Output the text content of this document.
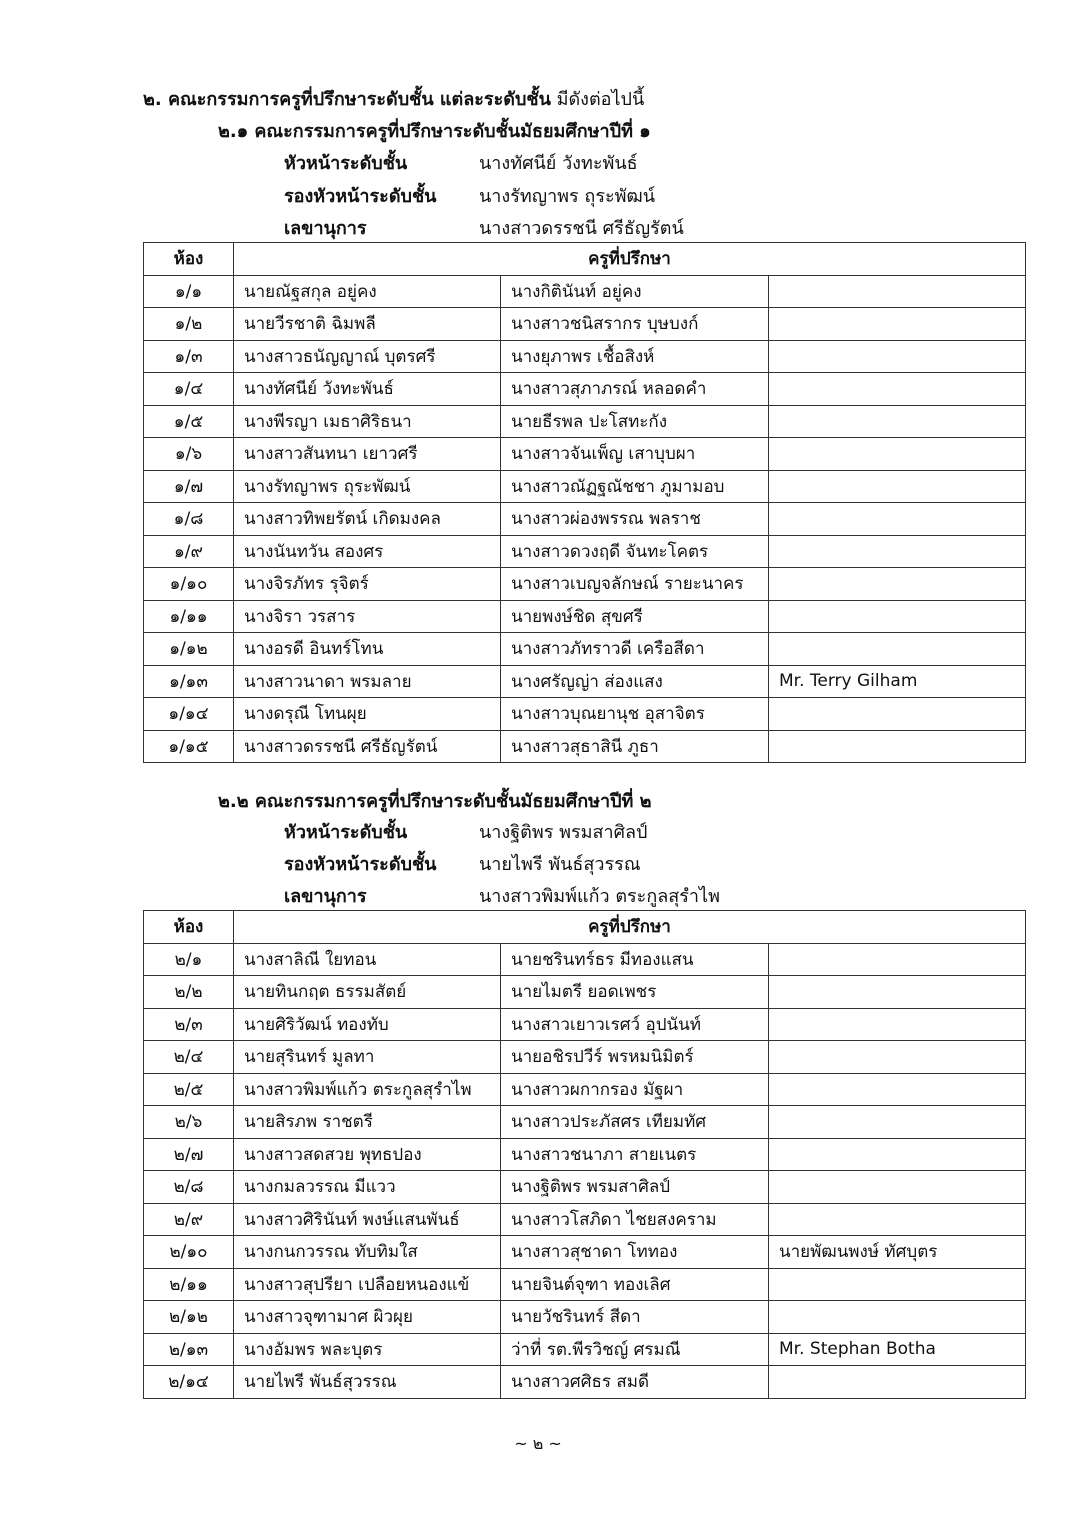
๒. คณะกรรมการครูที่ปรึกษาระดับชั้น แต่ละระดับชั้น มีดังต่อไปนี้
๒.๑ คณะกรรมการครูที่ปรึกษาระดับชั้นมัธยมศึกษาปีที่ ๑
หัวหน้าระดับชั้น	นางทัศนีย์ วังทะพันธ์
รองหัวหน้าระดับชั้น นางรัทญาพร ถุระพัฒน์
เลขานุการ	นางสาวดรรชนี ศรีธัญรัตน์
ห้อง	ครูที่ปรึกษา		
๑/๑	นายณัฐสกุล อยู่คง	นางกิตินันท์ อยู่คง	
๑/๒	นายวีรชาติ ฉิมพลี	นางสาวชนิสรากร บุษบงก์	
๑/๓	นางสาวธนัญญาณ์ บุตรศรี	นางยุภาพร เชื้อสิงห์	
๑/๔	นางทัศนีย์ วังทะพันธ์	นางสาวสุภาภรณ์ หลอดคำ	
๑/๕	นางพีรญา เมธาศิริธนา	นายธีรพล ปะโสทะกัง	
๑/๖	นางสาวสันทนา เยาวศรี	นางสาวจันเพ็ญ เสาบุบผา	
๑/๗	นางรัทญาพร ถุระพัฒน์	นางสาวณัฏฐณัชชา ภูมามอบ	
๑/๘	นางสาวทิพยรัตน์ เกิดมงคล	นางสาวผ่องพรรณ พลราช	
๑/๙	นางนันทวัน สองศร	นางสาวดวงฤดี จันทะโคตร	
๑/๑๐	นางจิรภัทร รุจิตร์	นางสาวเบญจลักษณ์ รายะนาคร	
๑/๑๑	นางจิรา วรสาร	นายพงษ์ชิด สุขศรี	
๑/๑๒	นางอรดี อินทร์โทน	นางสาวภัทราวดี เครือสีดา	
๑/๑๓	นางสาวนาดา พรมลาย	นางศรัญญ่า ส่องแสง	Mr. Terry Gilham
๑/๑๔	นางดรุณี โทนผุย	นางสาวบุณยานุช อุสาจิตร	
๑/๑๕	นางสาวดรรชนี ศรีธัญรัตน์	นางสาวสุธาสินี ภูธา	
๒.๒ คณะกรรมการครูที่ปรึกษาระดับชั้นมัธยมศึกษาปีที่ ๒
หัวหน้าระดับชั้น	นางฐิติพร พรมสาศิลป์
รองหัวหน้าระดับชั้น นายไพรี พันธ์สุวรรณ
เลขานุการ	นางสาวพิมพ์แก้ว ตระกูลสุรำไพ
ห้อง	ครูที่ปรึกษา		
๒/๑	นางสาลิณี ใยทอน	นายชรินทร์ธร มีทองแสน	
๒/๒	นายทินกฤต ธรรมสัตย์	นายไมตรี ยอดเพชร	
๒/๓	นายศิริวัฒน์ ทองทับ	นางสาวเยาวเรศว์ อุปนันท์	
๒/๔	นายสุรินทร์ มูลทา	นายอชิรปวีร์ พรหมนิมิตร์	
๒/๕	นางสาวพิมพ์แก้ว ตระกูลสุรำไพ	นางสาวผกากรอง มัฐผา	
๒/๖	นายสิรภพ ราชตรี	นางสาวประภัสศร เทียมทัศ	
๒/๗	นางสาวสดสวย พุทธปอง	นางสาวชนาภา สายเนตร	
๒/๘	นางกมลวรรณ มีแวว	นางฐิติพร พรมสาศิลป์	
๒/๙	นางสาวศิรินันท์ พงษ์แสนพันธ์	นางสาวโสภิดา ไชยสงคราม	
๒/๑๐	นางกนกวรรณ ทับทิมใส	นางสาวสุชาดา โททอง	นายพัฒนพงษ์ ทัศบุตร
๒/๑๑	นางสาวสุปรียา เปลือยหนองแข้	นายจินต์จุฑา ทองเลิศ	
๒/๑๒	นางสาวจุฑามาศ ผิวผุย	นายวัชรินทร์ สีดา	
๒/๑๓	นางอัมพร พละบุตร	ว่าที่ รต.พีรวิชญ์ ศรมณี	Mr. Stephan Botha
๒/๑๔	นายไพรี พันธ์สุวรรณ	นางสาวศศิธร สมดี	
~ ๒ ~
